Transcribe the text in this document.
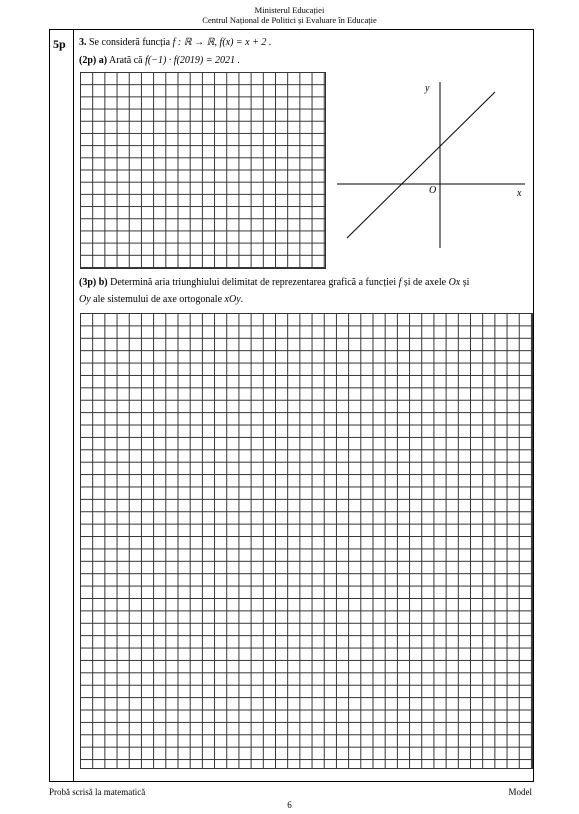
Ministerul Educației
Centrul Național de Politici și Evaluare în Educație
5p 3. Se consideră funcția f : ℝ → ℝ, f(x) = x + 2 .
(2p) a) Arată că f(−1) · f(2019) = 2021 .
y
x
O
(3p) b) Determină aria triunghiului delimitat de reprezentarea grafică a funcției f și de axele Ox și
Oy ale sistemului de axe ortogonale xOy.
Probă scrisă la matematică	Model
6
